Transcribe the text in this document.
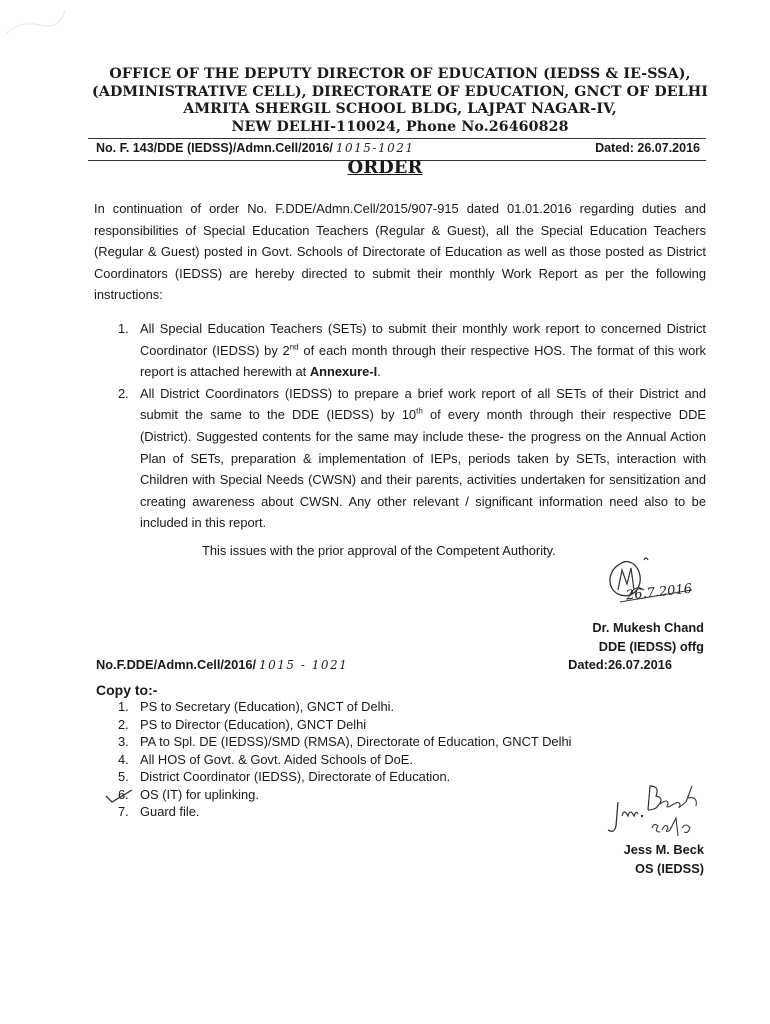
OFFICE OF THE DEPUTY DIRECTOR OF EDUCATION (IEDSS & IE-SSA),
(ADMINISTRATIVE CELL), DIRECTORATE OF EDUCATION, GNCT OF DELHI
AMRITA SHERGIL SCHOOL BLDG, LAJPAT NAGAR-IV,
NEW DELHI-110024, Phone No.26460828
No. F. 143/DDE (IEDSS)/Admn.Cell/2016/ 1015-1021	Dated: 26.07.2016
ORDER
In continuation of order No. F.DDE/Admn.Cell/2015/907-915 dated 01.01.2016 regarding duties and responsibilities of Special Education Teachers (Regular & Guest), all the Special Education Teachers (Regular & Guest) posted in Govt. Schools of Directorate of Education as well as those posted as District Coordinators (IEDSS) are hereby directed to submit their monthly Work Report as per the following instructions:
1. All Special Education Teachers (SETs) to submit their monthly work report to concerned District Coordinator (IEDSS) by 2nd of each month through their respective HOS. The format of this work report is attached herewith at Annexure-I.
2. All District Coordinators (IEDSS) to prepare a brief work report of all SETs of their District and submit the same to the DDE (IEDSS) by 10th of every month through their respective DDE (District). Suggested contents for the same may include these- the progress on the Annual Action Plan of SETs, preparation & implementation of IEPs, periods taken by SETs, interaction with Children with Special Needs (CWSN) and their parents, activities undertaken for sensitization and creating awareness about CWSN. Any other relevant / significant information need also to be included in this report.
This issues with the prior approval of the Competent Authority.
26.7.2016
Dr. Mukesh Chand
DDE (IEDSS) offg
No.F.DDE/Admn.Cell/2016/ 1015 - 1021	Dated:26.07.2016
Copy to:-
1. PS to Secretary (Education), GNCT of Delhi.
2. PS to Director (Education), GNCT Delhi
3. PA to Spl. DE (IEDSS)/SMD (RMSA), Directorate of Education, GNCT Delhi
4. All HOS of Govt. & Govt. Aided Schools of DoE.
5. District Coordinator (IEDSS), Directorate of Education.
6. OS (IT) for uplinking.
7. Guard file.
Jess M. Beck
OS (IEDSS)
